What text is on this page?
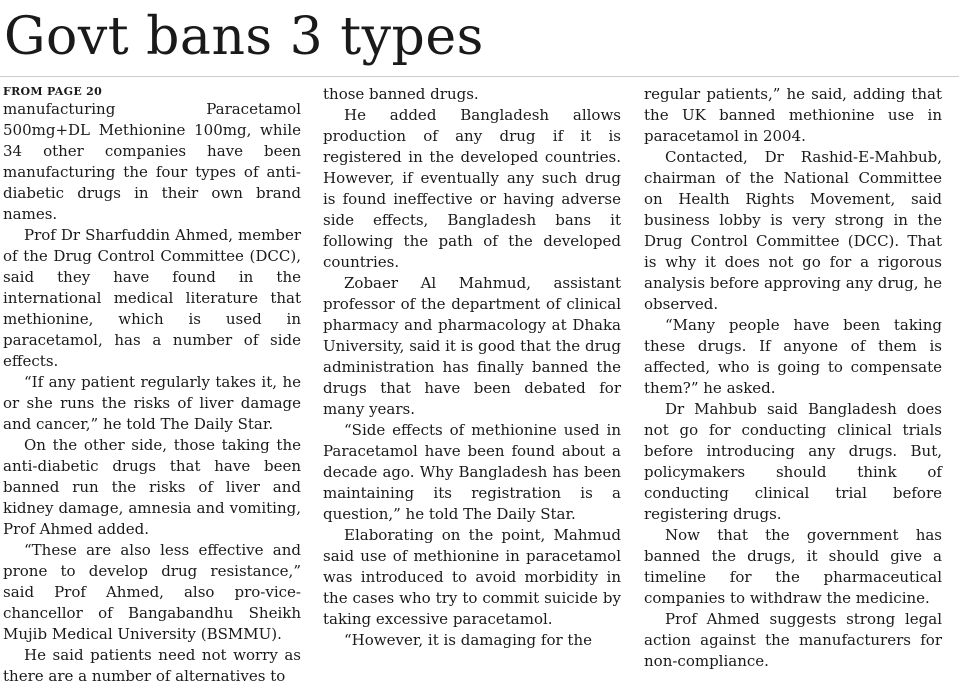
Govt bans 3 types
FROM PAGE 20

manufacturing Paracetamol 500mg+DL Methionine 100mg, while 34 other companies have been manufacturing the four types of anti-diabetic drugs in their own brand names.

Prof Dr Sharfuddin Ahmed, member of the Drug Control Committee (DCC), said they have found in the international medical literature that methionine, which is used in paracetamol, has a number of side effects.

“If any patient regularly takes it, he or she runs the risks of liver damage and cancer,” he told The Daily Star.

On the other side, those taking the anti-diabetic drugs that have been banned run the risks of liver and kidney damage, amnesia and vomiting, Prof Ahmed added.

“These are also less effective and prone to develop drug resistance,” said Prof Ahmed, also pro-vice-chancellor of Bangabandhu Sheikh Mujib Medical University (BSMMU).

He said patients need not worry as there are a number of alternatives to

those banned drugs.

He added Bangladesh allows production of any drug if it is registered in the developed countries. However, if eventually any such drug is found ineffective or having adverse side effects, Bangladesh bans it following the path of the developed countries.

Zobaer Al Mahmud, assistant professor of the department of clinical pharmacy and pharmacology at Dhaka University, said it is good that the drug administration has finally banned the drugs that have been debated for many years.

“Side effects of methionine used in Paracetamol have been found about a decade ago. Why Bangladesh has been maintaining its registration is a question,” he told The Daily Star.

Elaborating on the point, Mahmud said use of methionine in paracetamol was introduced to avoid morbidity in the cases who try to commit suicide by taking excessive paracetamol.

“However, it is damaging for the

regular patients,” he said, adding that the UK banned methionine use in paracetamol in 2004.

Contacted, Dr Rashid-E-Mahbub, chairman of the National Committee on Health Rights Movement, said business lobby is very strong in the Drug Control Committee (DCC). That is why it does not go for a rigorous analysis before approving any drug, he observed.

“Many people have been taking these drugs. If anyone of them is affected, who is going to compensate them?” he asked.

Dr Mahbub said Bangladesh does not go for conducting clinical trials before introducing any drugs. But, policymakers should think of conducting clinical trial before registering drugs.

Now that the government has banned the drugs, it should give a timeline for the pharmaceutical companies to withdraw the medicine.

Prof Ahmed suggests strong legal action against the manufacturers for non-compliance.
